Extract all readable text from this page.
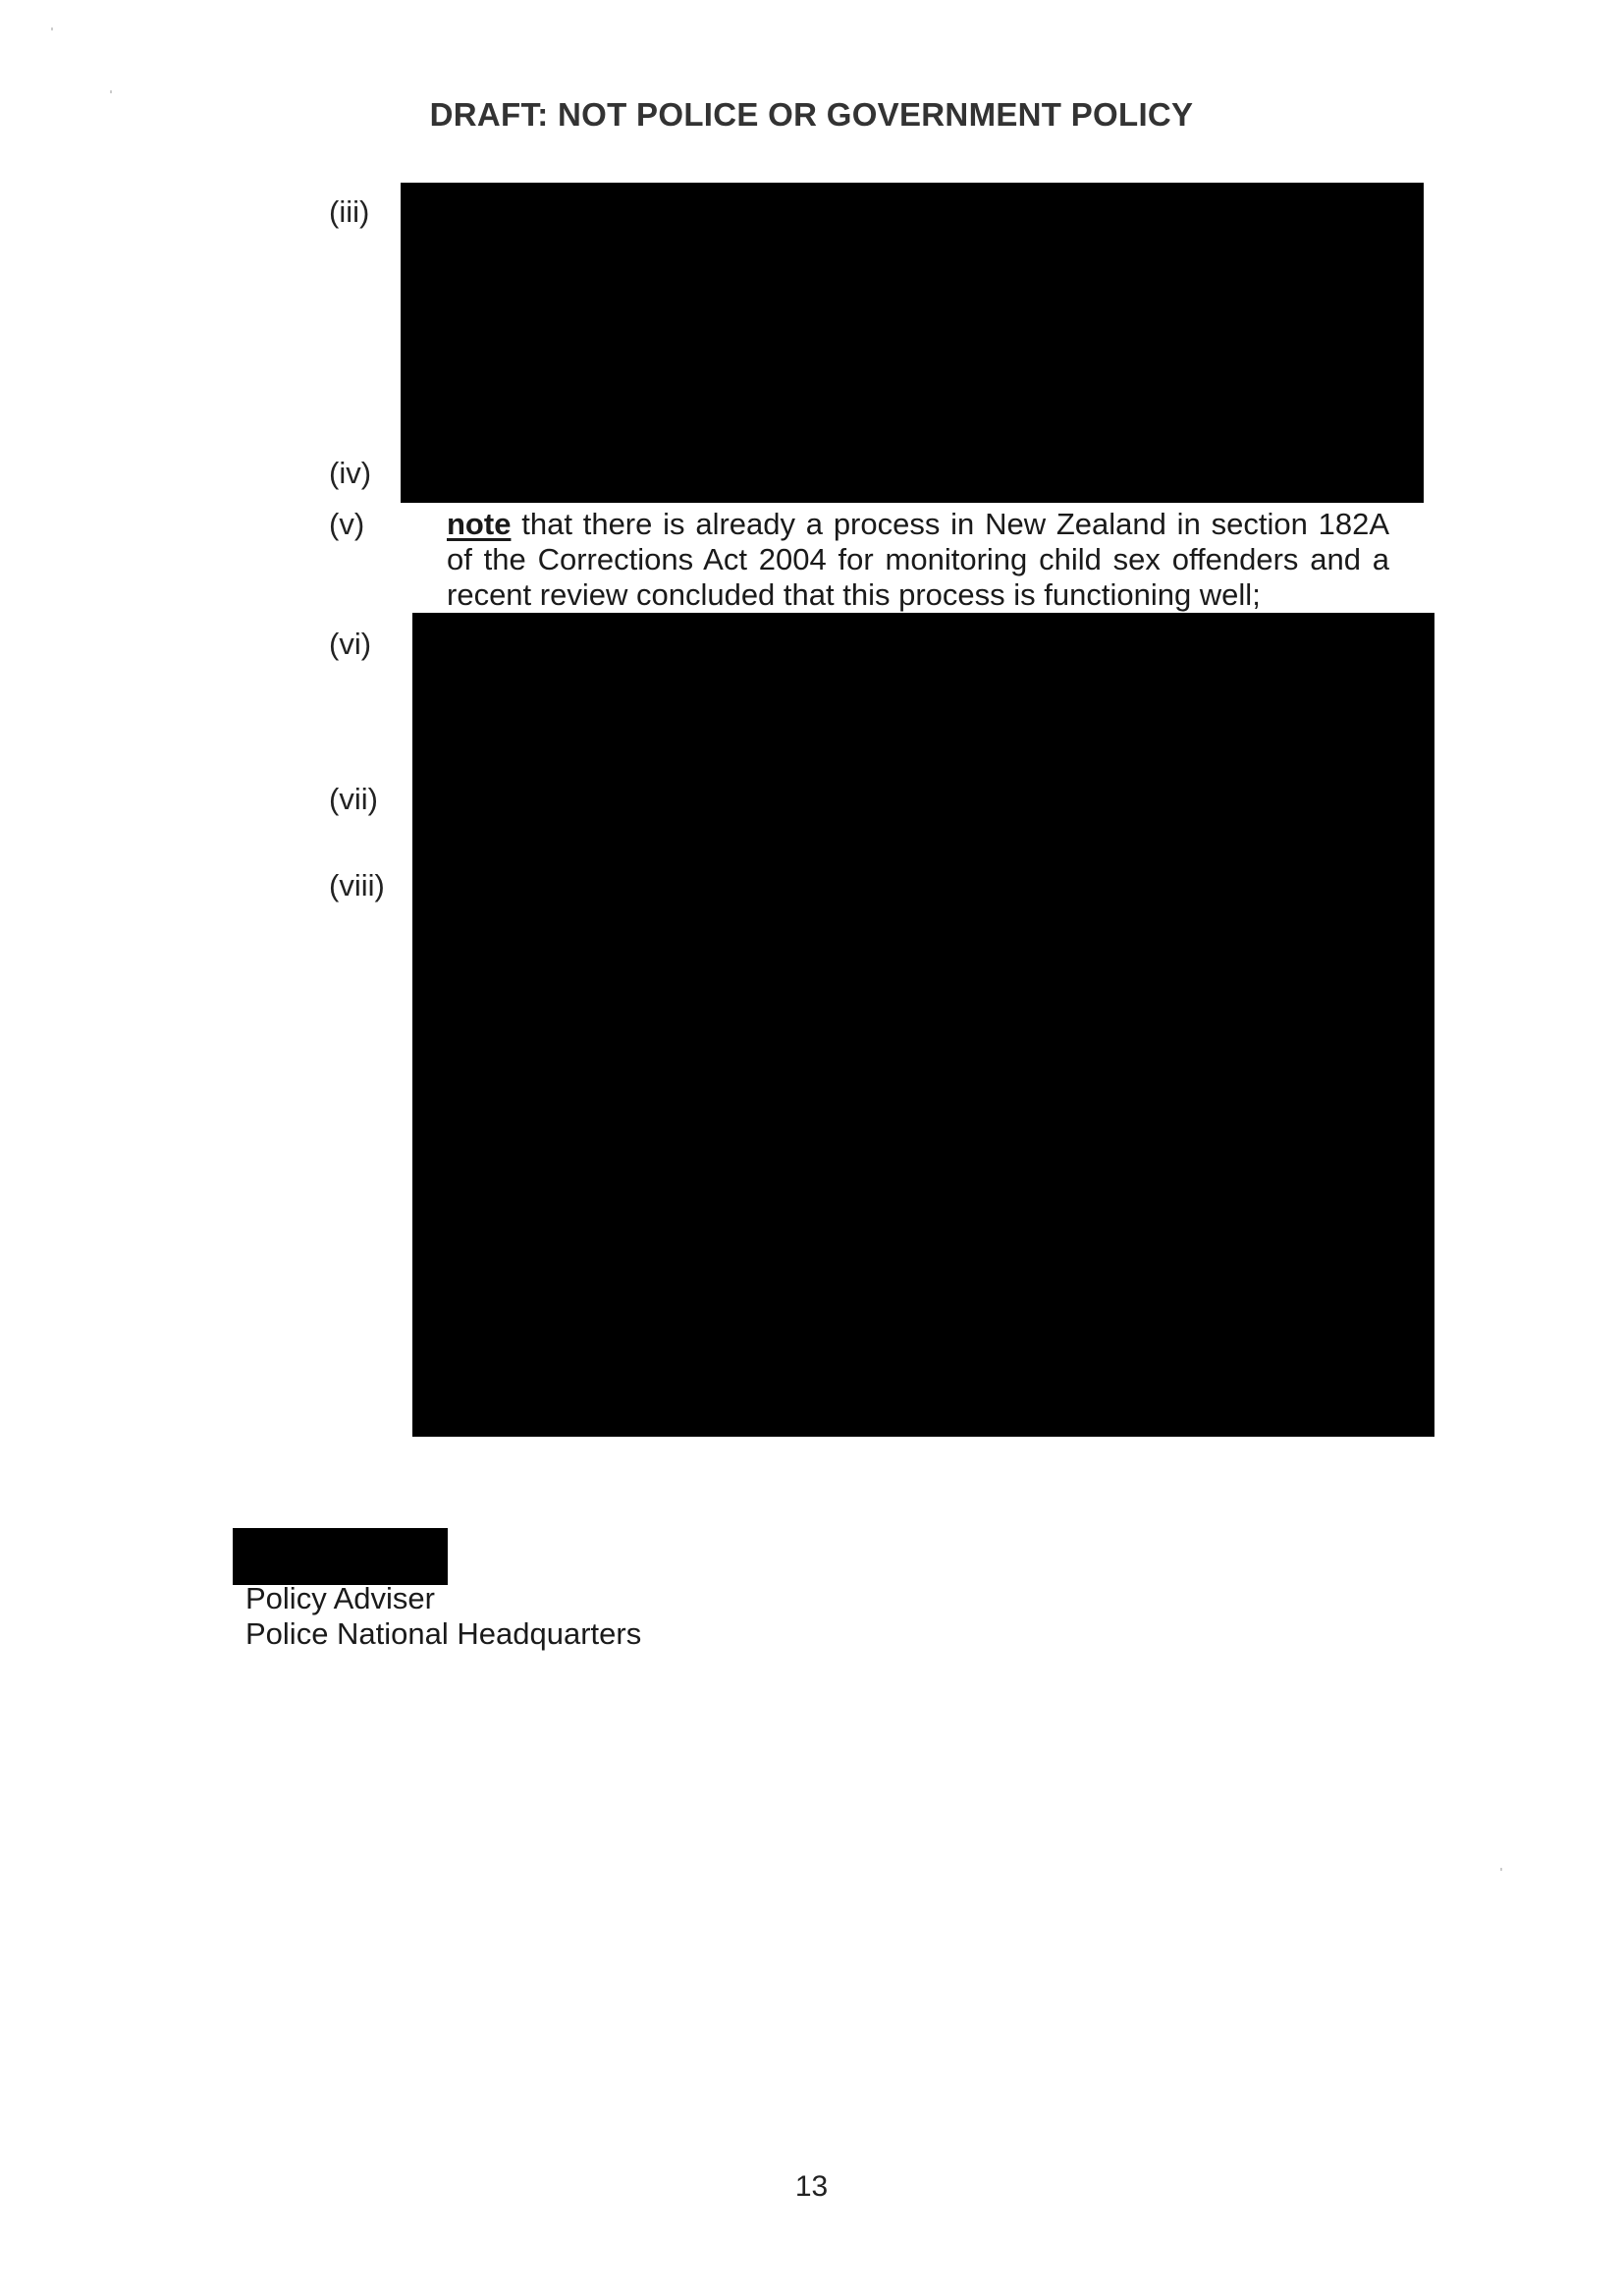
DRAFT: NOT POLICE OR GOVERNMENT POLICY
(iii)
(iv)
(v)
(vi)
(vii)
(viii)
note that there is already a process in New Zealand in section 182A of the Corrections Act 2004 for monitoring child sex offenders and a recent review concluded that this process is functioning well;
Policy Adviser
Police National Headquarters
13
